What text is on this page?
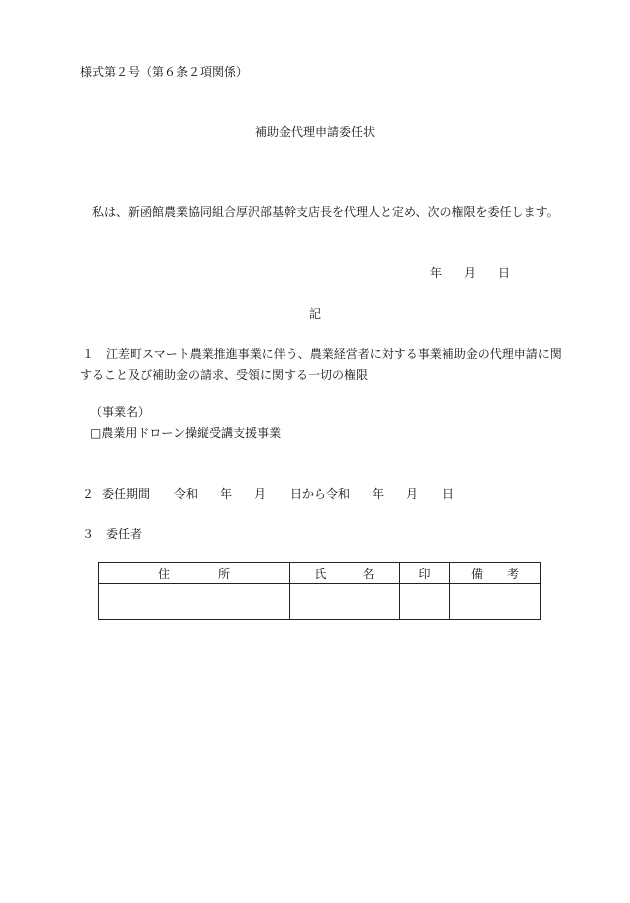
様式第２号（第６条２項関係）
補助金代理申請委任状
私は、新函館農業協同組合厚沢部基幹支店長を代理人と定め、次の権限を委任します。
年 月 日
記
１　江差町スマート農業推進事業に伴う、農業経営者に対する事業補助金の代理申請に関
すること及び補助金の請求、受領に関する一切の権限
（事業名）
□農業用ドローン操縦受講支援事業
２ 委任期間 令和 年 月 日から令和 年 月 日
３　委任者
住　　　　所	氏　　　名	印	備　　考
